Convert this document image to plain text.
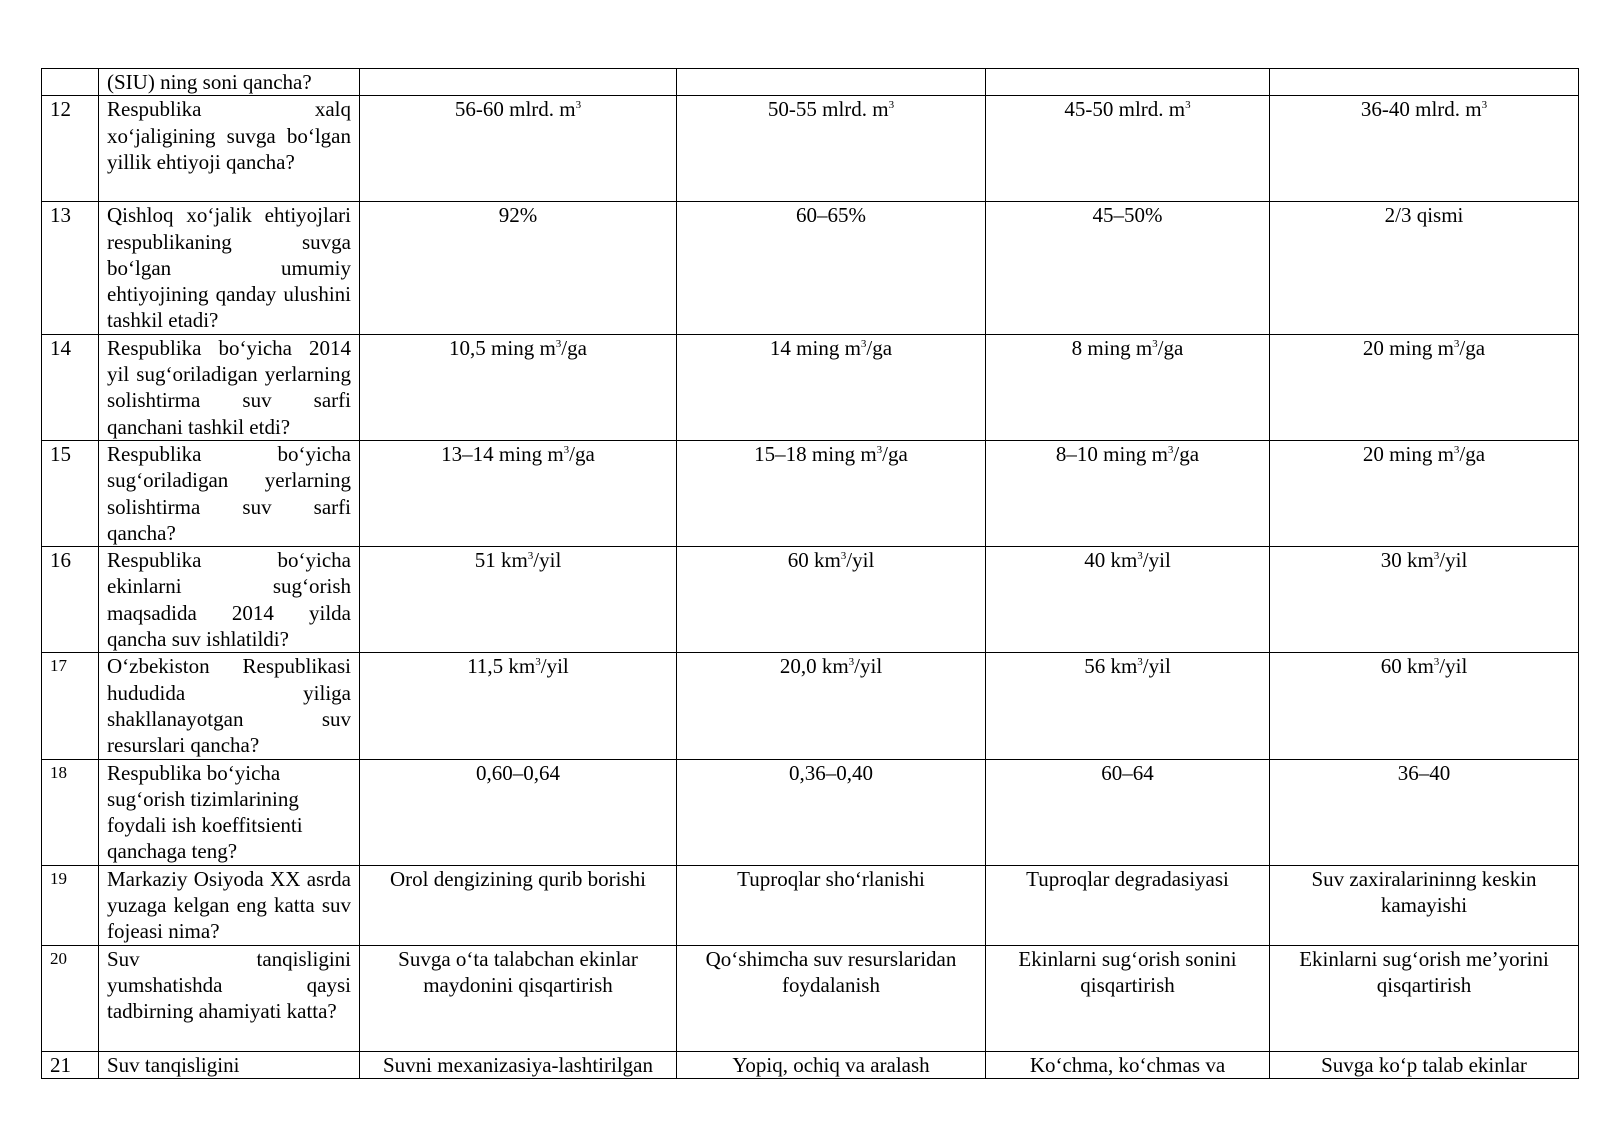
	(SIU) ning soni qancha?				
12	Respublika xalq xo‘jaligining suvga bo‘lgan yillik ehtiyoji qancha?	56-60 mlrd. $m^3$	50-55 mlrd. $m^3$	45-50 mlrd. $m^3$	36-40 mlrd. $m^3$
13	Qishloq xo‘jalik ehtiyojlari respublikaning suvga bo‘lgan umumiy ehtiyojining qanday ulushini tashkil etadi?	92%	60–65%	45–50%	2/3 qismi
14	Respublika bo‘yicha 2014 yil sug‘oriladigan yerlarning solishtirma suv sarfi qanchani tashkil etdi?	10,5 ming $m^3/ga$	14 ming $m^3/ga$	8 ming $m^3/ga$	20 ming $m^3/ga$
15	Respublika bo‘yicha sug‘oriladigan yerlarning solishtirma suv sarfi qancha?	13–14 ming $m^3/ga$	15–18 ming $m^3/ga$	8–10 ming $m^3/ga$	20 ming $m^3/ga$
16	Respublika bo‘yicha ekinlarni sug‘orish maqsadida 2014 yilda qancha suv ishlatildi?	51 $km^3$/yil	60 $km^3$/yil	40 $km^3$/yil	30 $km^3$/yil
17	O‘zbekiston Respublikasi hududida yiliga shakllanayotgan suv resurslari qancha?	11,5 $km^3$/yil	20,0 $km^3$/yil	56 $km^3$/yil	60 $km^3$/yil
18	Respublika bo‘yicha sug‘orish tizimlarining foydali ish koeffitsienti qanchaga teng?	0,60–0,64	0,36–0,40	60–64	36–40
19	Markaziy Osiyoda XX asrda yuzaga kelgan eng katta suv fojeasi nima?	Orol dengizining qurib borishi	Tuproqlar sho‘rlanishi	Tuproqlar degradasiyasi	Suv zaxiralarininng keskin kamayishi
20	Suv tanqisligini yumshatishda qaysi tadbirning ahamiyati katta?	Suvga o‘ta talabchan ekinlar maydonini qisqartirish	Qo‘shimcha suv resurslaridan foydalanish	Ekinlarni sug‘orish sonini qisqartirish	Ekinlarni sug‘orish me’yorini qisqartirish
21	Suv tanqisligini	Suvni mexanizasiya-lashtirilgan	Yopiq, ochiq va aralash	Ko‘chma, ko‘chmas va	Suvga ko‘p talab ekinlar
